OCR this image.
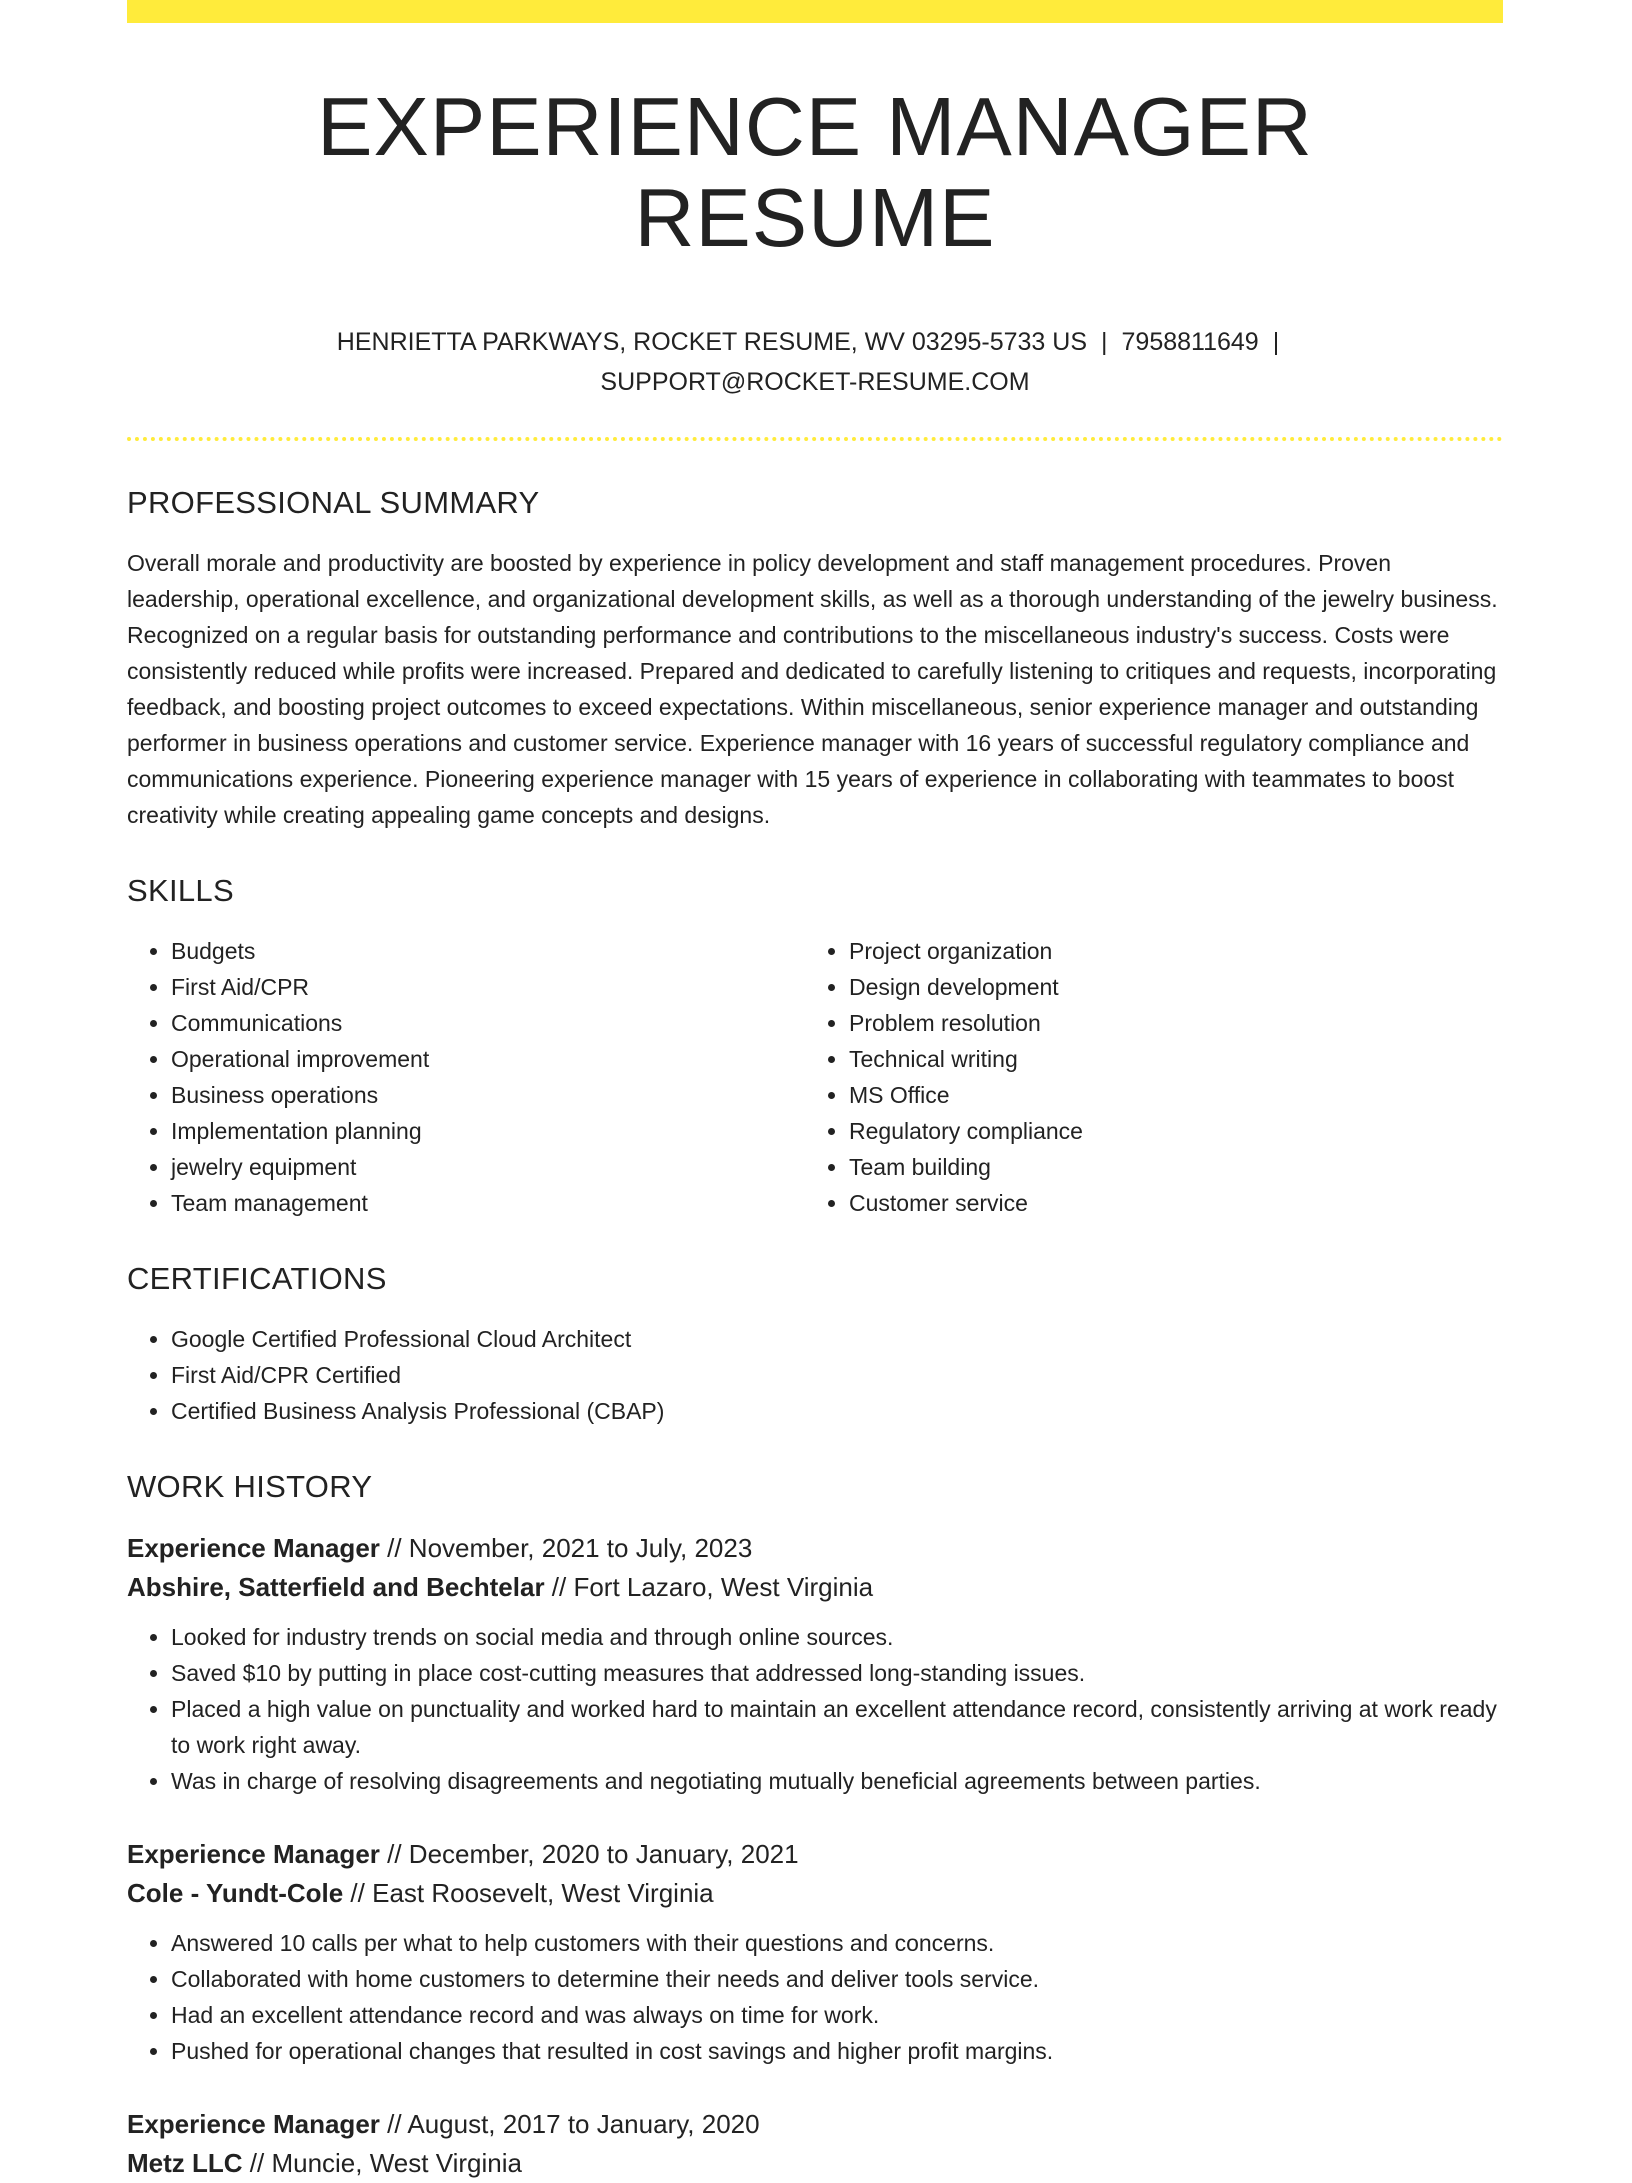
EXPERIENCE MANAGER RESUME
HENRIETTA PARKWAYS, ROCKET RESUME, WV 03295-5733 US | 7958811649 |
SUPPORT@ROCKET-RESUME.COM
PROFESSIONAL SUMMARY

Overall morale and productivity are boosted by experience in policy development and staff management procedures. Proven leadership, operational excellence, and organizational development skills, as well as a thorough understanding of the jewelry business. Recognized on a regular basis for outstanding performance and contributions to the miscellaneous industry's success. Costs were consistently reduced while profits were increased. Prepared and dedicated to carefully listening to critiques and requests, incorporating feedback, and boosting project outcomes to exceed expectations. Within miscellaneous, senior experience manager and outstanding performer in business operations and customer service. Experience manager with 16 years of successful regulatory compliance and communications experience. Pioneering experience manager with 15 years of experience in collaborating with teammates to boost creativity while creating appealing game concepts and designs.

SKILLS
• Budgets
• First Aid/CPR
• Communications
• Operational improvement
• Business operations
• Implementation planning
• jewelry equipment
• Team management
• Project organization
• Design development
• Problem resolution
• Technical writing
• MS Office
• Regulatory compliance
• Team building
• Customer service
CERTIFICATIONS
• Google Certified Professional Cloud Architect
• First Aid/CPR Certified
• Certified Business Analysis Professional (CBAP)
WORK HISTORY
Experience Manager // November, 2021 to July, 2023
Abshire, Satterfield and Bechtelar // Fort Lazaro, West Virginia
• Looked for industry trends on social media and through online sources.
• Saved $10 by putting in place cost-cutting measures that addressed long-standing issues.
• Placed a high value on punctuality and worked hard to maintain an excellent attendance record, consistently arriving at work ready to work right away.
• Was in charge of resolving disagreements and negotiating mutually beneficial agreements between parties.
Experience Manager // December, 2020 to January, 2021
Cole - Yundt-Cole // East Roosevelt, West Virginia
• Answered 10 calls per what to help customers with their questions and concerns.
• Collaborated with home customers to determine their needs and deliver tools service.
• Had an excellent attendance record and was always on time for work.
• Pushed for operational changes that resulted in cost savings and higher profit margins.
Experience Manager // August, 2017 to January, 2020
Metz LLC // Muncie, West Virginia
